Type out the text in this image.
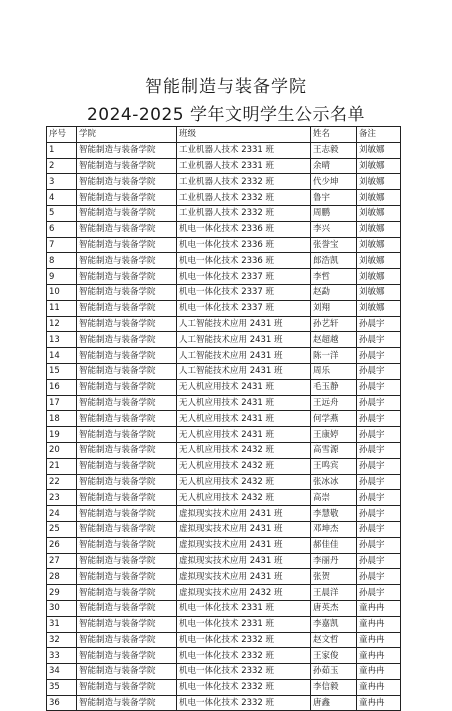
智能制造与装备学院
2024-2025 学年文明学生公示名单
序号	学院	班级	姓名	备注
1	智能制造与装备学院	工业机器人技术 2331 班	王志毅	刘敏娜
2	智能制造与装备学院	工业机器人技术 2331 班	余晴	刘敏娜
3	智能制造与装备学院	工业机器人技术 2332 班	代少坤	刘敏娜
4	智能制造与装备学院	工业机器人技术 2332 班	鲁宇	刘敏娜
5	智能制造与装备学院	工业机器人技术 2332 班	周鹏	刘敏娜
6	智能制造与装备学院	机电一体化技术 2336 班	李兴	刘敏娜
7	智能制造与装备学院	机电一体化技术 2336 班	张誉宝	刘敏娜
8	智能制造与装备学院	机电一体化技术 2336 班	郎浩凯	刘敏娜
9	智能制造与装备学院	机电一体化技术 2337 班	李哲	刘敏娜
10	智能制造与装备学院	机电一体化技术 2337 班	赵勐	刘敏娜
11	智能制造与装备学院	机电一体化技术 2337 班	刘翔	刘敏娜
12	智能制造与装备学院	人工智能技术应用 2431 班	孙艺轩	孙晨宇
13	智能制造与装备学院	人工智能技术应用 2431 班	赵超越	孙晨宇
14	智能制造与装备学院	人工智能技术应用 2431 班	陈一洋	孙晨宇
15	智能制造与装备学院	人工智能技术应用 2431 班	周乐	孙晨宇
16	智能制造与装备学院	无人机应用技术 2431 班	毛玉静	孙晨宇
17	智能制造与装备学院	无人机应用技术 2431 班	王远舟	孙晨宇
18	智能制造与装备学院	无人机应用技术 2431 班	何学燕	孙晨宇
19	智能制造与装备学院	无人机应用技术 2431 班	王康婷	孙晨宇
20	智能制造与装备学院	无人机应用技术 2432 班	高雪源	孙晨宇
21	智能制造与装备学院	无人机应用技术 2432 班	王鸣宾	孙晨宇
22	智能制造与装备学院	无人机应用技术 2432 班	张冰冰	孙晨宇
23	智能制造与装备学院	无人机应用技术 2432 班	高崇	孙晨宇
24	智能制造与装备学院	虚拟现实技术应用 2431 班	李慧敬	孙晨宇
25	智能制造与装备学院	虚拟现实技术应用 2431 班	邓坤杰	孙晨宇
26	智能制造与装备学院	虚拟现实技术应用 2431 班	郝佳佳	孙晨宇
27	智能制造与装备学院	虚拟现实技术应用 2431 班	李丽丹	孙晨宇
28	智能制造与装备学院	虚拟现实技术应用 2431 班	张贺	孙晨宇
29	智能制造与装备学院	虚拟现实技术应用 2432 班	王晨洋	孙晨宇
30	智能制造与装备学院	机电一体化技术 2331 班	唐英杰	童冉冉
31	智能制造与装备学院	机电一体化技术 2331 班	李嘉凯	童冉冉
32	智能制造与装备学院	机电一体化技术 2332 班	赵文哲	童冉冉
33	智能制造与装备学院	机电一体化技术 2332 班	王家俊	童冉冉
34	智能制造与装备学院	机电一体化技术 2332 班	孙茹玉	童冉冉
35	智能制造与装备学院	机电一体化技术 2332 班	李信毅	童冉冉
36	智能制造与装备学院	机电一体化技术 2332 班	唐鑫	童冉冉
